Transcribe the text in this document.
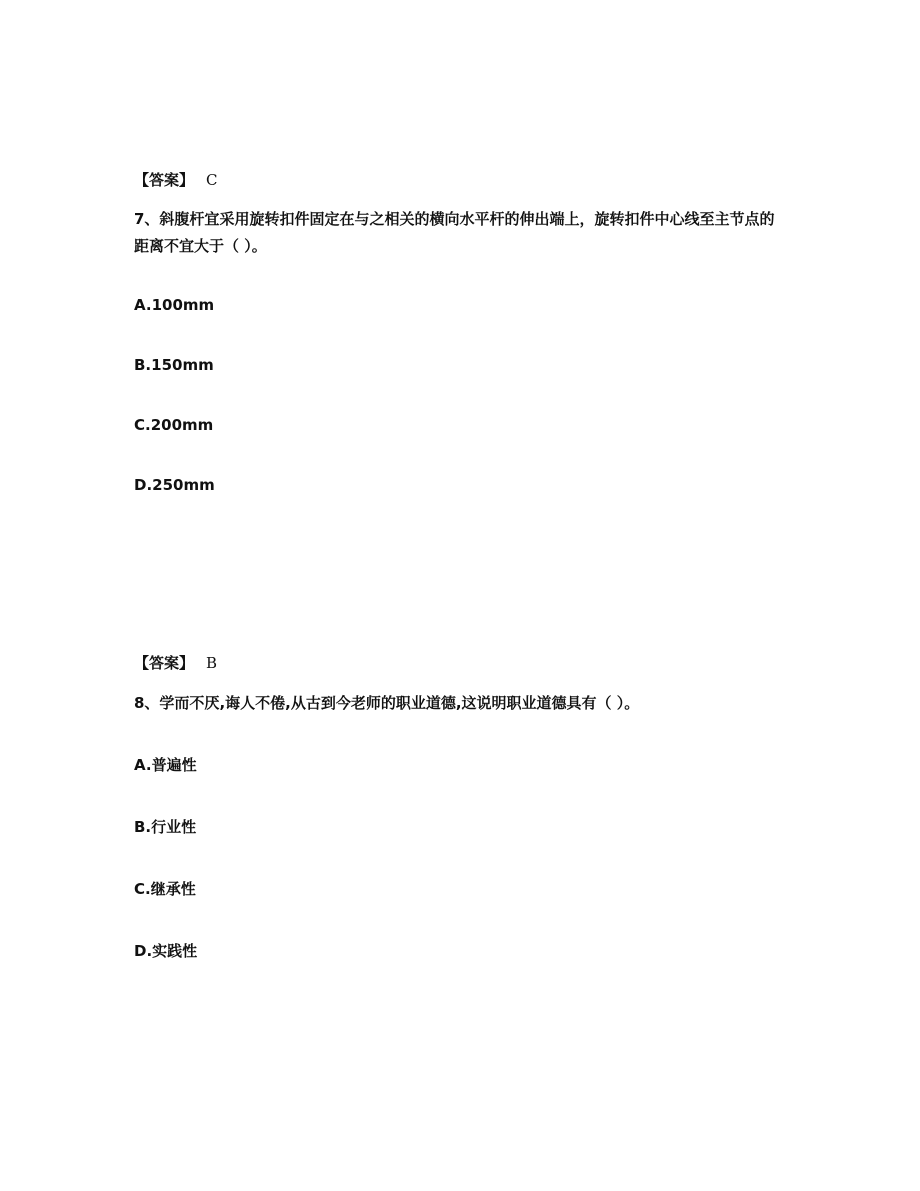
【答案】 C
7、斜腹杆宜采用旋转扣件固定在与之相关的横向水平杆的伸出端上，旋转扣件中心线至主节点的距离不宜大于（ ）。
A.100mm
B.150mm
C.200mm
D.250mm
【答案】 B
8、学而不厌,诲人不倦,从古到今老师的职业道德,这说明职业道德具有（ ）。
A.普遍性
B.行业性
C.继承性
D.实践性
